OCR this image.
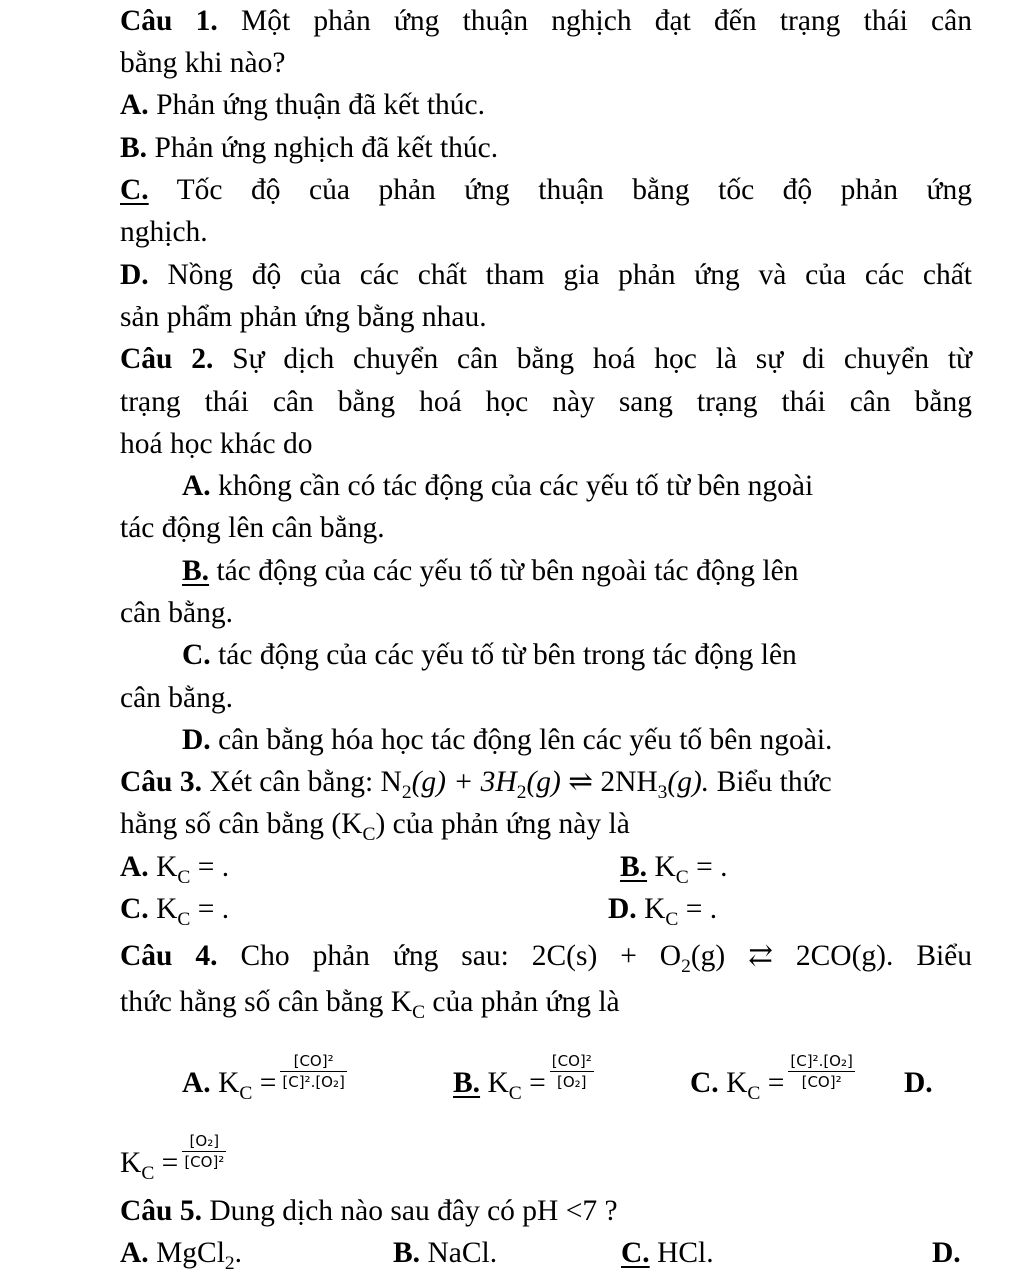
Câu 1. Một phản ứng thuận nghịch đạt đến trạng thái cân
bằng khi nào?
A. Phản ứng thuận đã kết thúc.
B. Phản ứng nghịch đã kết thúc.
C. Tốc độ của phản ứng thuận bằng tốc độ phản ứng
nghịch.
D. Nồng độ của các chất tham gia phản ứng và của các chất
sản phẩm phản ứng bằng nhau.
Câu 2. Sự dịch chuyển cân bằng hoá học là sự di chuyển từ
trạng thái cân bằng hoá học này sang trạng thái cân bằng
hoá học khác do
A. không cần có tác động của các yếu tố từ bên ngoài
tác động lên cân bằng.
B. tác động của các yếu tố từ bên ngoài tác động lên
cân bằng.
C. tác động của các yếu tố từ bên trong tác động lên
cân bằng.
D. cân bằng hóa học tác động lên các yếu tố bên ngoài.
Câu 3. Xét cân bằng: $N_2(g) + 3H_2(g)$ ⇌ $2NH_3(g)$. Biểu thức
hằng số cân bằng $(K_C)$ của phản ứng này là
A. $K_C$ = .	B. $K_C$ = .
C. $K_C$ = .	D. $K_C$ = .
Câu 4. Cho phản ứng sau: $2C(s) + O_2(g)$ ⇄ 2CO(g). Biểu
thức hằng số cân bằng $K_C$ của phản ứng là
A. $K_C = \frac{\text{[CO]²}}{\text{[C]².[O₂]}}$	B. $K_C = \frac{\text{[CO]²}}{\text{[O₂]}}$	C. $K_C = \frac{\text{[C]².[O₂]}}{\text{[CO]²}} D$.
$K_C = \frac{\text{[O₂]}}{\text{[CO]²}}$
Câu 5. Dung dịch nào sau đây có pH <7 ?
A. MgCl$_2$.	B. NaCl.	C. HCl.	D.
